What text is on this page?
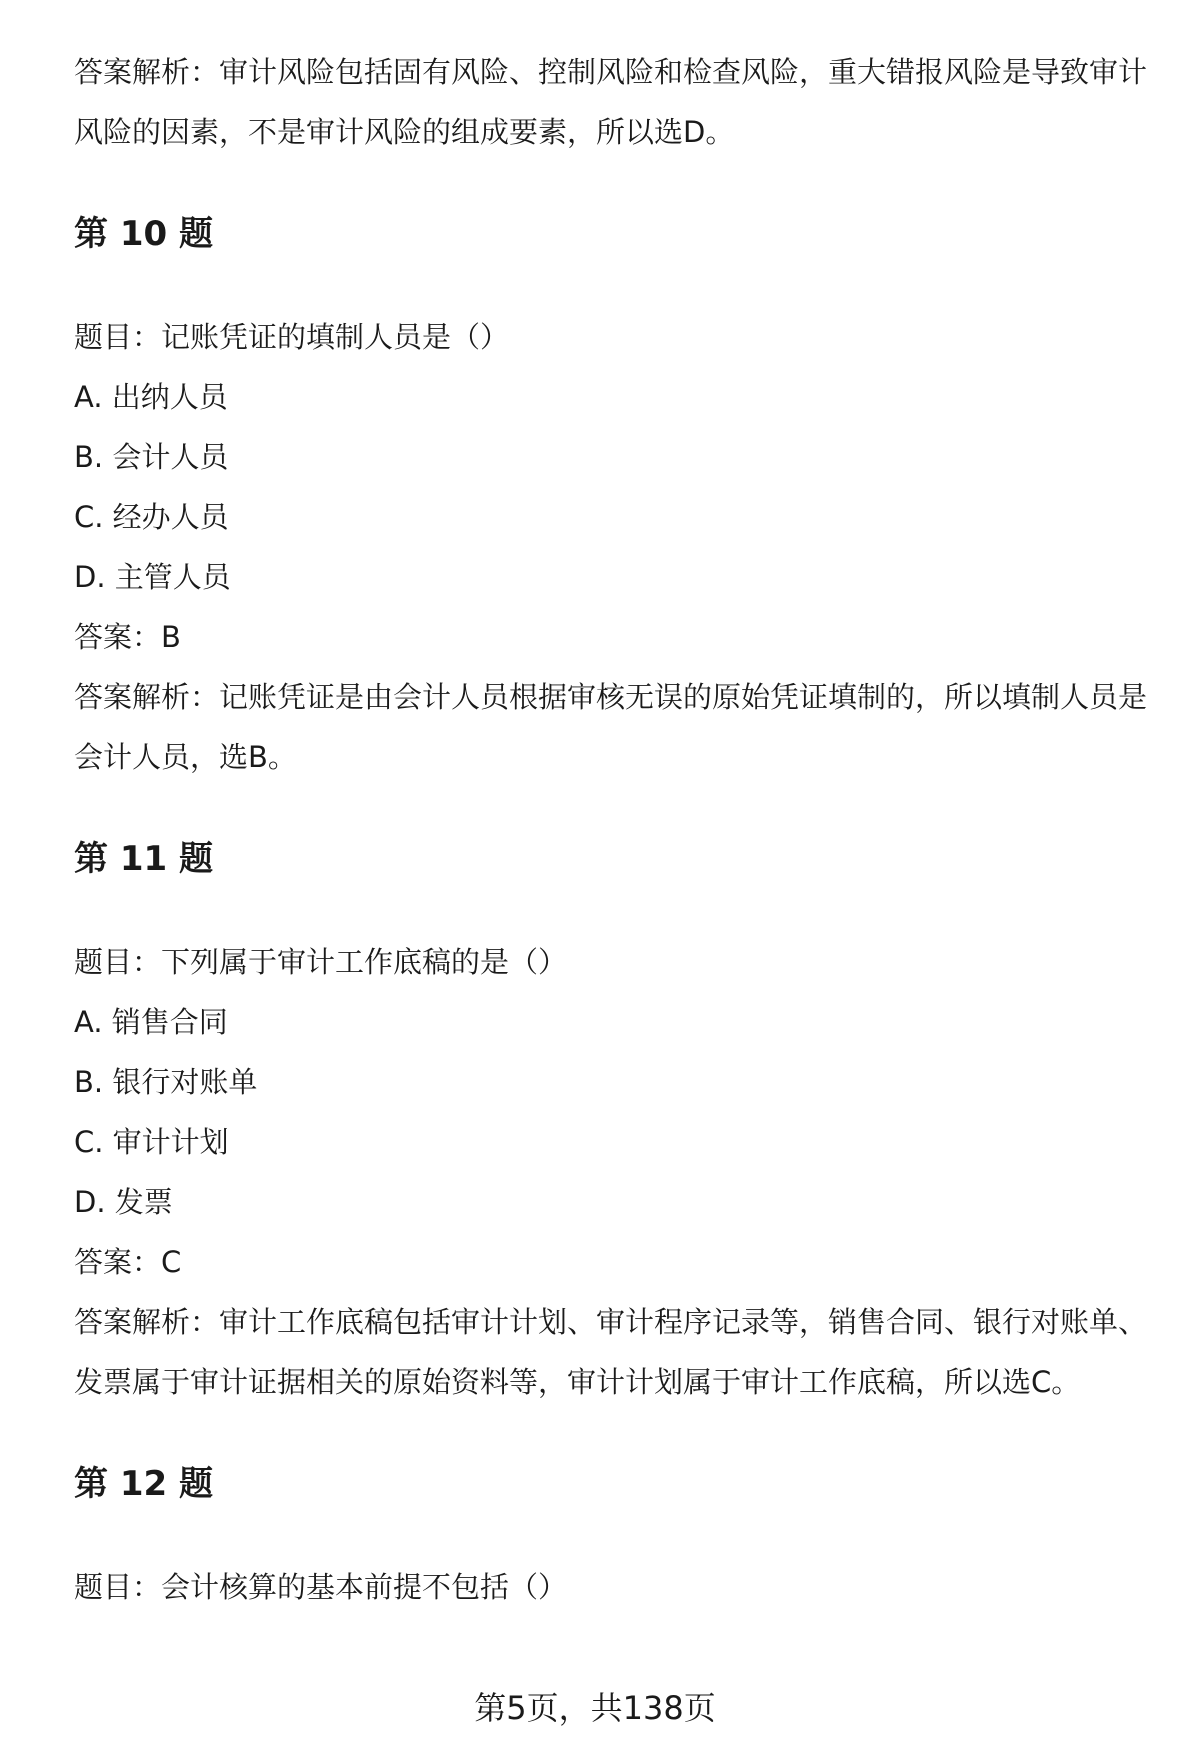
答案解析：审计风险包括固有风险、控制风险和检查风险，重大错报风险是导致审计风险的因素，不是审计风险的组成要素，所以选D。

第 10 题

题目：记账凭证的填制人员是（）

A. 出纳人员

B. 会计人员

C. 经办人员

D. 主管人员

答案：B

答案解析：记账凭证是由会计人员根据审核无误的原始凭证填制的，所以填制人员是会计人员，选B。

第 11 题

题目：下列属于审计工作底稿的是（）

A. 销售合同

B. 银行对账单

C. 审计计划

D. 发票

答案：C

答案解析：审计工作底稿包括审计计划、审计程序记录等，销售合同、银行对账单、发票属于审计证据相关的原始资料等，审计计划属于审计工作底稿，所以选C。

第 12 题

题目：会计核算的基本前提不包括（）

第5页，共138页
